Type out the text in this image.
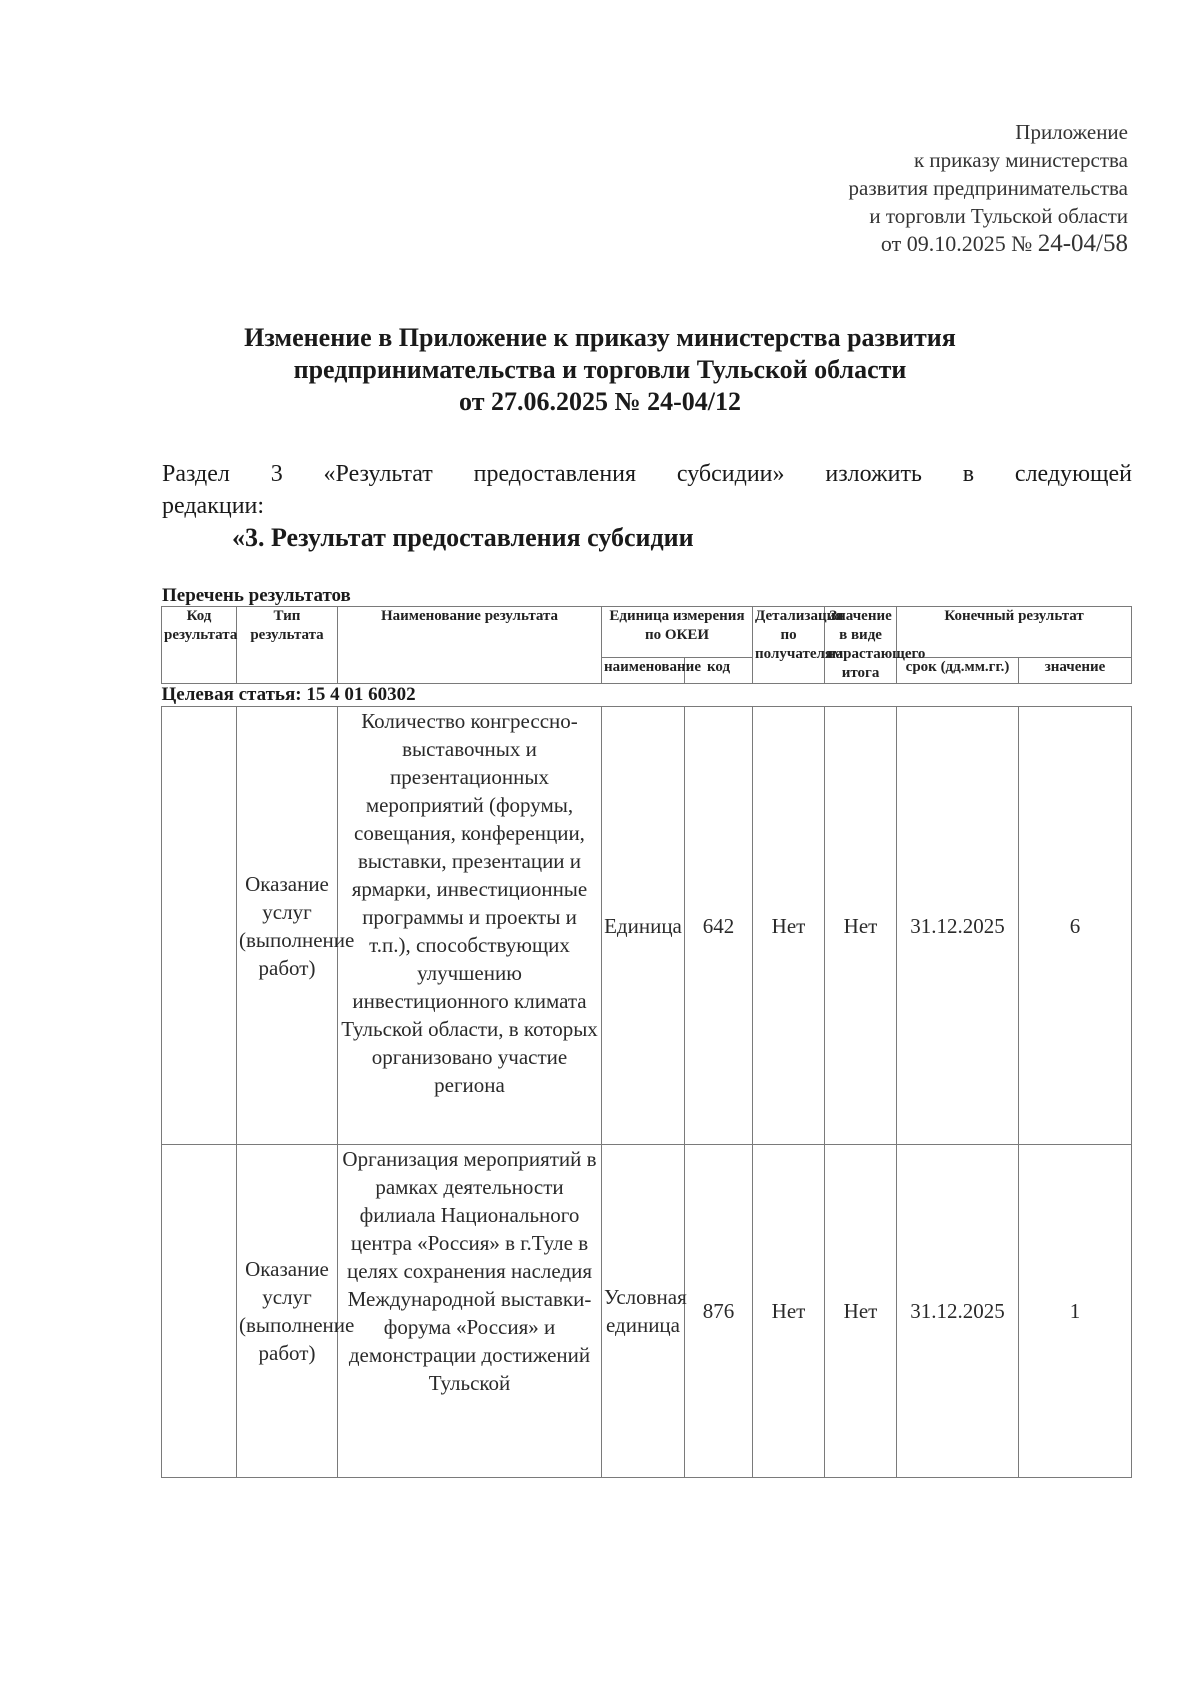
Приложение
к приказу министерства
развития предпринимательства
и торговли Тульской области
от 09.10.2025 № 24-04/58
Изменение в Приложение к приказу министерства развития
предпринимательства и торговли Тульской области
от 27.06.2025 № 24-04/12
Раздел 3 «Результат предоставления субсидии» изложить в следующей
редакции:
«3. Результат предоставления субсидии
Перечень результатов
Код результата	Тип результата	Наименование результата	Единица измерения по ОКЕИ		Детализация по получателям	Значение в виде нарастающего итога	Конечный результат	
			наименование	код			срок (дд.мм.гг.)	значение
Целевая статья: 15 4 01 60302								
	Оказание услуг (выполнение работ)	Количество конгрессно-выставочных и презентационных мероприятий (форумы, совещания, конференции, выставки, презентации и ярмарки, инвестиционные программы и проекты и т.п.), способствующих улучшению инвестиционного климата Тульской области, в которых организовано участие региона	Единица	642	Нет	Нет	31.12.2025	6
	Оказание услуг (выполнение работ)	Организация мероприятий в рамках деятельности филиала Национального центра «Россия» в г.Туле в целях сохранения наследия Международной выставки-форума «Россия» и демонстрации достижений Тульской	Условная единица	876	Нет	Нет	31.12.2025	1
